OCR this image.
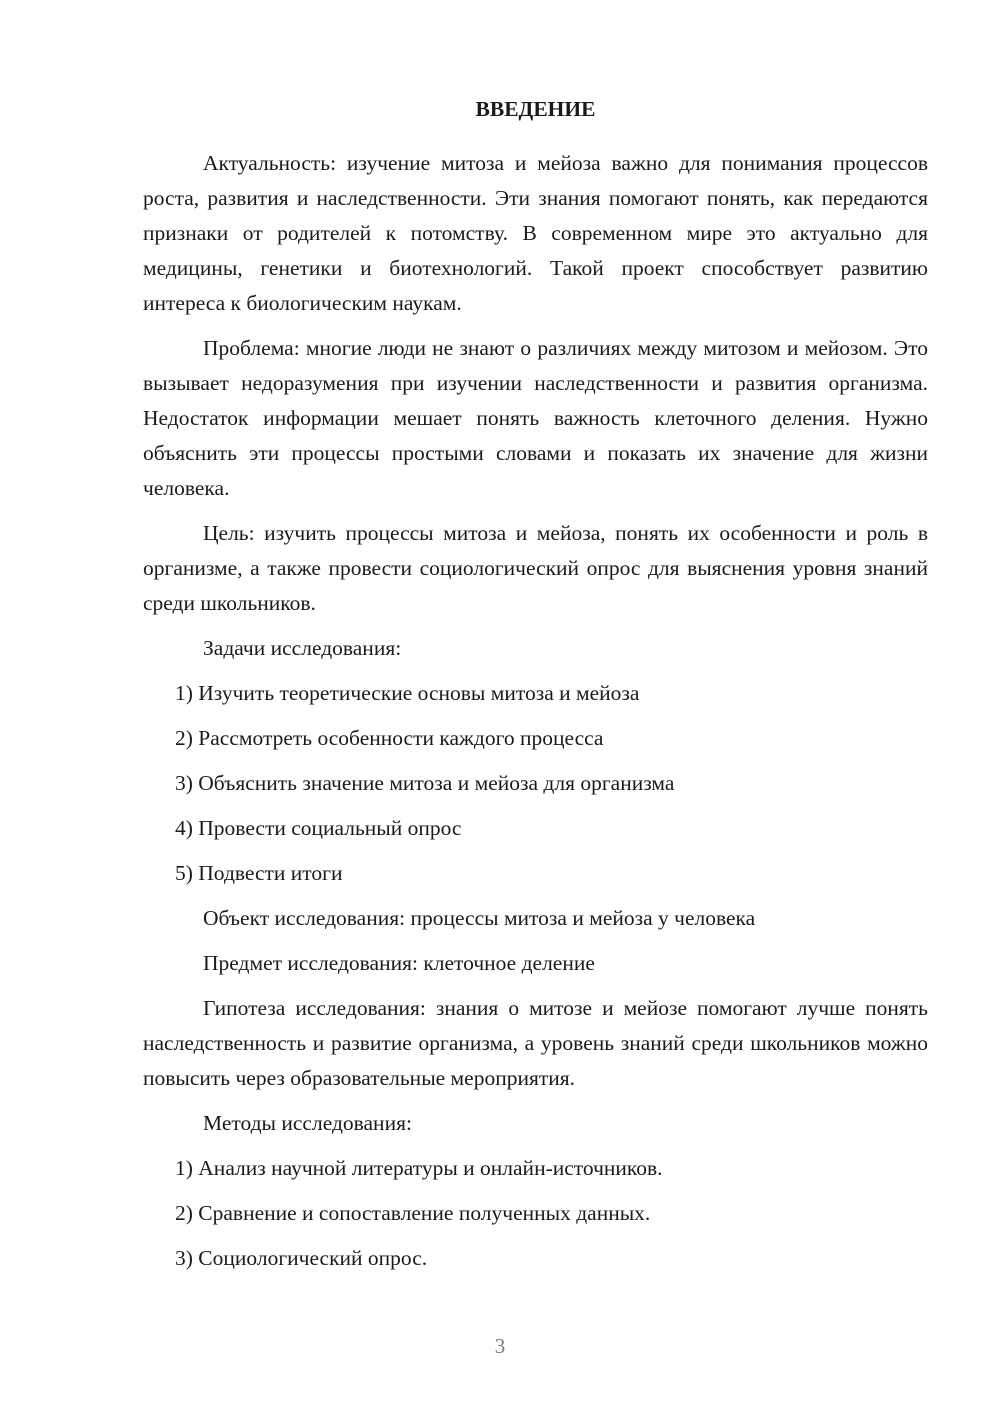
ВВЕДЕНИЕ

Актуальность: изучение митоза и мейоза важно для понимания процессов роста, развития и наследственности. Эти знания помогают понять, как передаются признаки от родителей к потомству. В современном мире это актуально для медицины, генетики и биотехнологий. Такой проект способствует развитию интереса к биологическим наукам.

Проблема: многие люди не знают о различиях между митозом и мейозом. Это вызывает недоразумения при изучении наследственности и развития организма. Недостаток информации мешает понять важность клеточного деления. Нужно объяснить эти процессы простыми словами и показать их значение для жизни человека.

Цель: изучить процессы митоза и мейоза, понять их особенности и роль в организме, а также провести социологический опрос для выяснения уровня знаний среди школьников.

Задачи исследования:
1) Изучить теоретические основы митоза и мейоза
2) Рассмотреть особенности каждого процесса
3) Объяснить значение митоза и мейоза для организма
4) Провести социальный опрос
5) Подвести итоги
Объект исследования: процессы митоза и мейоза у человека
Предмет исследования: клеточное деление

Гипотеза исследования: знания о митозе и мейозе помогают лучше понять наследственность и развитие организма, а уровень знаний среди школьников можно повысить через образовательные мероприятия.

Методы исследования:
1) Анализ научной литературы и онлайн-источников.
2) Сравнение и сопоставление полученных данных.
3) Социологический опрос.
3
